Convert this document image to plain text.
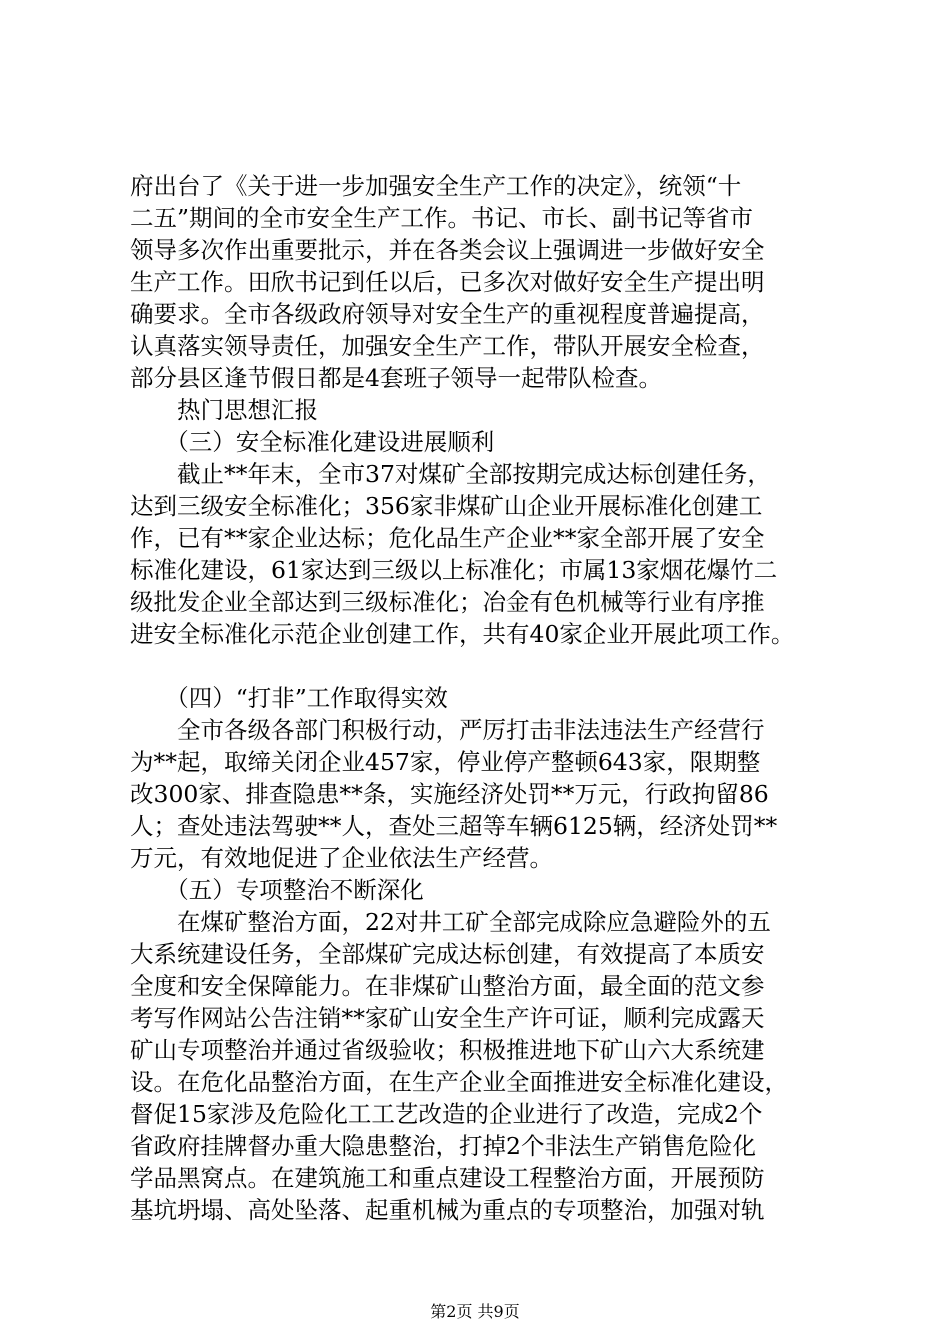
府出台了《关于进一步加强安全生产工作的决定》，统领“十
二五”期间的全市安全生产工作。书记、市长、副书记等省市
领导多次作出重要批示，并在各类会议上强调进一步做好安全
生产工作。田欣书记到任以后，已多次对做好安全生产提出明
确要求。全市各级政府领导对安全生产的重视程度普遍提高，
认真落实领导责任，加强安全生产工作，带队开展安全检查，
部分县区逢节假日都是4套班子领导一起带队检查。
　　热门思想汇报
　　（三）安全标准化建设进展顺利
　　截止**年末，全市37对煤矿全部按期完成达标创建任务，
达到三级安全标准化；356家非煤矿山企业开展标准化创建工
作，已有**家企业达标；危化品生产企业**家全部开展了安全
标准化建设，61家达到三级以上标准化；市属13家烟花爆竹二
级批发企业全部达到三级标准化；冶金有色机械等行业有序推
进安全标准化示范企业创建工作，共有40家企业开展此项工作。
　　（四）“打非”工作取得实效
　　全市各级各部门积极行动，严厉打击非法违法生产经营行
为**起，取缔关闭企业457家，停业停产整顿643家，限期整
改300家、排查隐患**条，实施经济处罚**万元，行政拘留86
人；查处违法驾驶**人，查处三超等车辆6125辆，经济处罚**
万元，有效地促进了企业依法生产经营。
　　（五）专项整治不断深化
　　在煤矿整治方面，22对井工矿全部完成除应急避险外的五
大系统建设任务，全部煤矿完成达标创建，有效提高了本质安
全度和安全保障能力。在非煤矿山整治方面，最全面的范文参
考写作网站公告注销**家矿山安全生产许可证，顺利完成露天
矿山专项整治并通过省级验收；积极推进地下矿山六大系统建
设。在危化品整治方面，在生产企业全面推进安全标准化建设，
督促15家涉及危险化工工艺改造的企业进行了改造，完成2个
省政府挂牌督办重大隐患整治，打掉2个非法生产销售危险化
学品黑窝点。在建筑施工和重点建设工程整治方面，开展预防
基坑坍塌、高处坠落、起重机械为重点的专项整治，加强对轨
第2页 共9页
